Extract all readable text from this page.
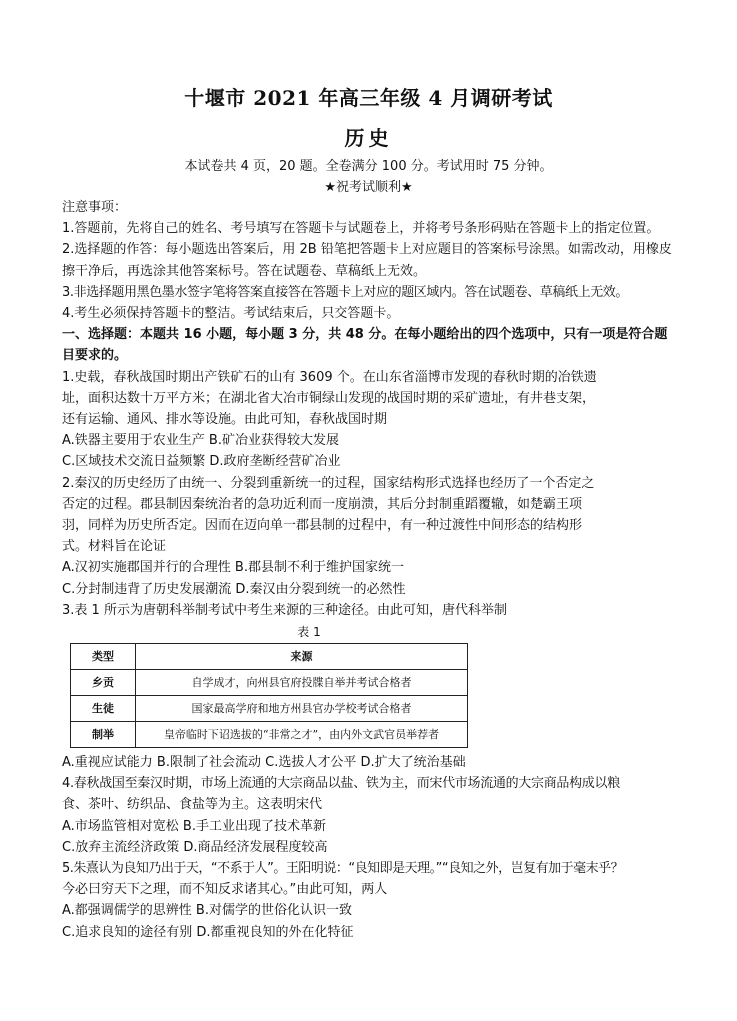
十堰市 2021 年高三年级 4 月调研考试
历史
本试卷共 4 页，20 题。全卷满分 100 分。考试用时 75 分钟。
★祝考试顺利★

注意事项：

1.答题前，先将自己的姓名、考号填写在答题卡与试题卷上，并将考号条形码贴在答题卡上的指定位置。

2.选择题的作答：每小题选出答案后，用 2B 铅笔把答题卡上对应题目的答案标号涂黑。如需改动，用橡皮擦干净后，再选涂其他答案标号。答在试题卷、草稿纸上无效。

3.非选择题用黑色墨水签字笔将答案直接答在答题卡上对应的题区域内。答在试题卷、草稿纸上无效。

4.考生必须保持答题卡的整洁。考试结束后，只交答题卡。

一、选择题：本题共 16 小题，每小题 3 分，共 48 分。在每小题给出的四个选项中，只有一项是符合题目要求的。

1.史载，春秋战国时期出产铁矿石的山有 3609 个。在山东省淄博市发现的春秋时期的冶铁遗

址，面积达数十万平方米；在湖北省大冶市铜绿山发现的战国时期的采矿遗址，有井巷支架，

还有运输、通风、排水等设施。由此可知，春秋战国时期

A.铁器主要用于农业生产 B.矿冶业获得较大发展

C.区域技术交流日益频繁 D.政府垄断经营矿冶业

2.秦汉的历史经历了由统一、分裂到重新统一的过程，国家结构形式选择也经历了一个否定之

否定的过程。郡县制因秦统治者的急功近利而一度崩溃，其后分封制重蹈覆辙，如楚霸王项

羽，同样为历史所否定。因而在迈向单一郡县制的过程中，有一种过渡性中间形态的结构形

式。材料旨在论证

A.汉初实施郡国并行的合理性 B.郡县制不利于维护国家统一

C.分封制违背了历史发展潮流 D.秦汉由分裂到统一的必然性

3.表 1 所示为唐朝科举制考试中考生来源的三种途径。由此可知，唐代科举制

表 1
类型	来源
乡贡	自学成才，向州县官府投牒自举并考试合格者
生徒	国家最高学府和地方州县官办学校考试合格者
制举	皇帝临时下诏选拔的“非常之才”，由内外文武官员举荐者

A.重视应试能力 B.限制了社会流动 C.选拔人才公平 D.扩大了统治基础

4.春秋战国至秦汉时期，市场上流通的大宗商品以盐、铁为主，而宋代市场流通的大宗商品构成以粮

食、茶叶、纺织品、食盐等为主。这表明宋代

A.市场监管相对宽松 B.手工业出现了技术革新

C.放弃主流经济政策 D.商品经济发展程度较高

5.朱熹认为良知乃出于天，“不系于人”。王阳明说：“良知即是天理。”“良知之外，岂复有加于毫末乎？

今必曰穷天下之理，而不知反求诸其心。”由此可知，两人

A.都强调儒学的思辨性 B.对儒学的世俗化认识一致

C.追求良知的途径有别 D.都重视良知的外在化特征
